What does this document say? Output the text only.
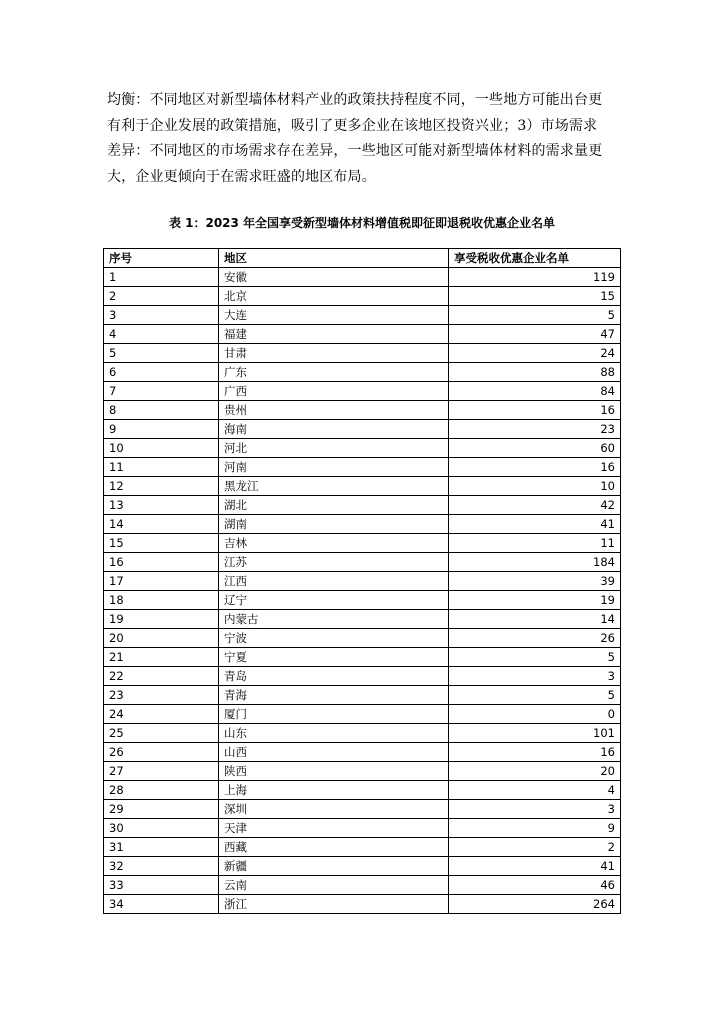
均衡：不同地区对新型墙体材料产业的政策扶持程度不同，一些地方可能出台更
有利于企业发展的政策措施，吸引了更多企业在该地区投资兴业；3）市场需求
差异：不同地区的市场需求存在差异，一些地区可能对新型墙体材料的需求量更
大，企业更倾向于在需求旺盛的地区布局。
表 1：2023 年全国享受新型墙体材料增值税即征即退税收优惠企业名单
序号	地区	享受税收优惠企业名单
1	安徽	119
2	北京	15
3	大连	5
4	福建	47
5	甘肃	24
6	广东	88
7	广西	84
8	贵州	16
9	海南	23
10	河北	60
11	河南	16
12	黑龙江	10
13	湖北	42
14	湖南	41
15	吉林	11
16	江苏	184
17	江西	39
18	辽宁	19
19	内蒙古	14
20	宁波	26
21	宁夏	5
22	青岛	3
23	青海	5
24	厦门	0
25	山东	101
26	山西	16
27	陕西	20
28	上海	4
29	深圳	3
30	天津	9
31	西藏	2
32	新疆	41
33	云南	46
34	浙江	264
